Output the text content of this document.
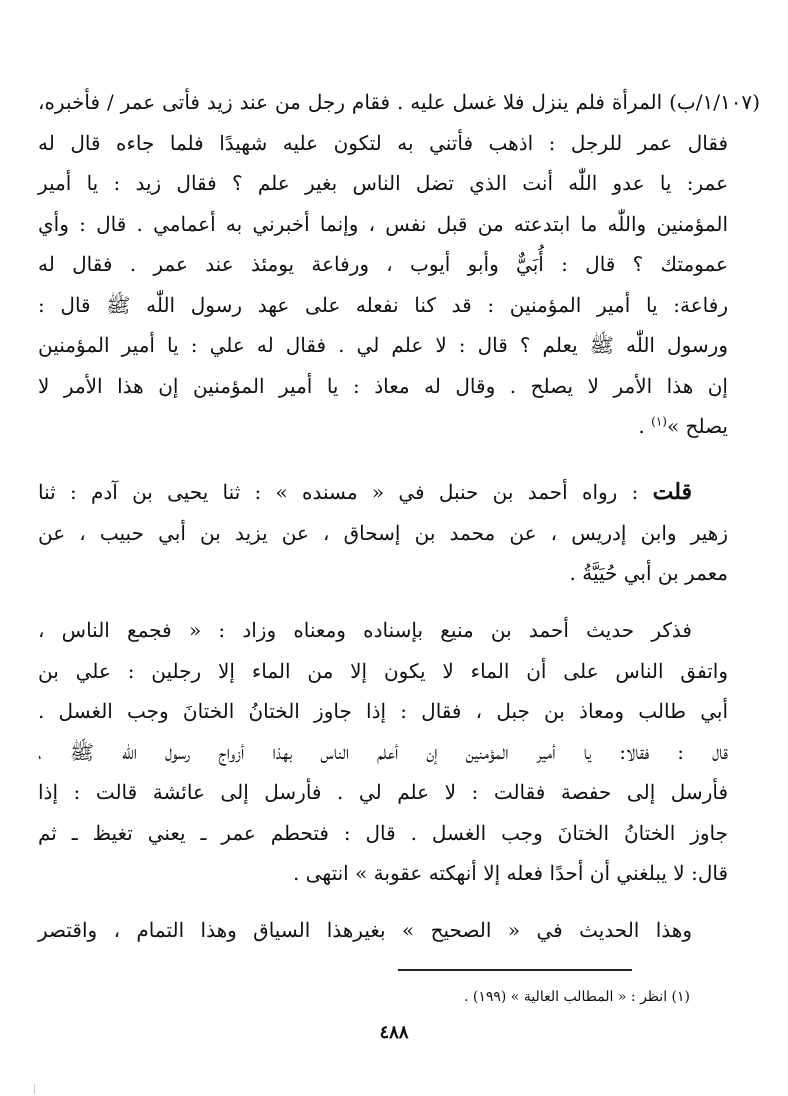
(١/١٠٧/ب) المرأة فلم ينزل فلا غسل عليه . فقام رجل من عند زيد فأتى عمر / فأخبره،
فقال عمر للرجل : اذهب فأتني به لتكون عليه شهيدًا فلما جاءه قال له
عمر: يا عدو اللّٰه أنت الذي تضل الناس بغير علم ؟ فقال زيد : يا أمير
المؤمنين واللّٰه ما ابتدعته من قبل نفس ، وإنما أخبرني به أعمامي . قال : وأي
عمومتك ؟ قال : أُبَيٌّ وأبو أيوب ، ورفاعة يومئذ عند عمر . فقال له
رفاعة: يا أمير المؤمنين : قد كنا نفعله على عهد رسول اللّٰه ﷺ قال :
ورسول اللّٰه ﷺ يعلم ؟ قال : لا علم لي . فقال له علي : يا أمير المؤمنين
إن هذا الأمر لا يصلح . وقال له معاذ : يا أمير المؤمنين إن هذا الأمر لا
يصلح »$^{(١)}$ .
قلت : رواه أحمد بن حنبل في « مسنده » : ثنا يحيى بن آدم : ثنا
زهير وابن إدريس ، عن محمد بن إسحاق ، عن يزيد بن أبي حبيب ، عن
معمر بن أبي حُيَيَّةُ .
فذكر حديث أحمد بن منيع بإسناده ومعناه وزاد : « فجمع الناس ،
واتفق الناس على أن الماء لا يكون إلا من الماء إلا رجلين : علي بن
أبي طالب ومعاذ بن جبل ، فقال : إذا جاوز الختانُ الختانَ وجب الغسل .
قال : فقالا: يا أمير المؤمنين إن أعلم الناس بهذا أزواج رسول اللّٰه ﷺ ،
فأرسل إلى حفصة فقالت : لا علم لي . فأرسل إلى عائشة قالت : إذا
جاوز الختانُ الختانَ وجب الغسل . قال : فتحطم عمر ـ يعني تغيظ ـ ثم
قال: لا يبلغني أن أحدًا فعله إلا أنهكته عقوبة » انتهى .
وهذا الحديث في « الصحيح » بغيرهذا السياق وهذا التمام ، واقتصر
(١) انظر : « المطالب العالية » (١٩٩) .
٤٨٨
